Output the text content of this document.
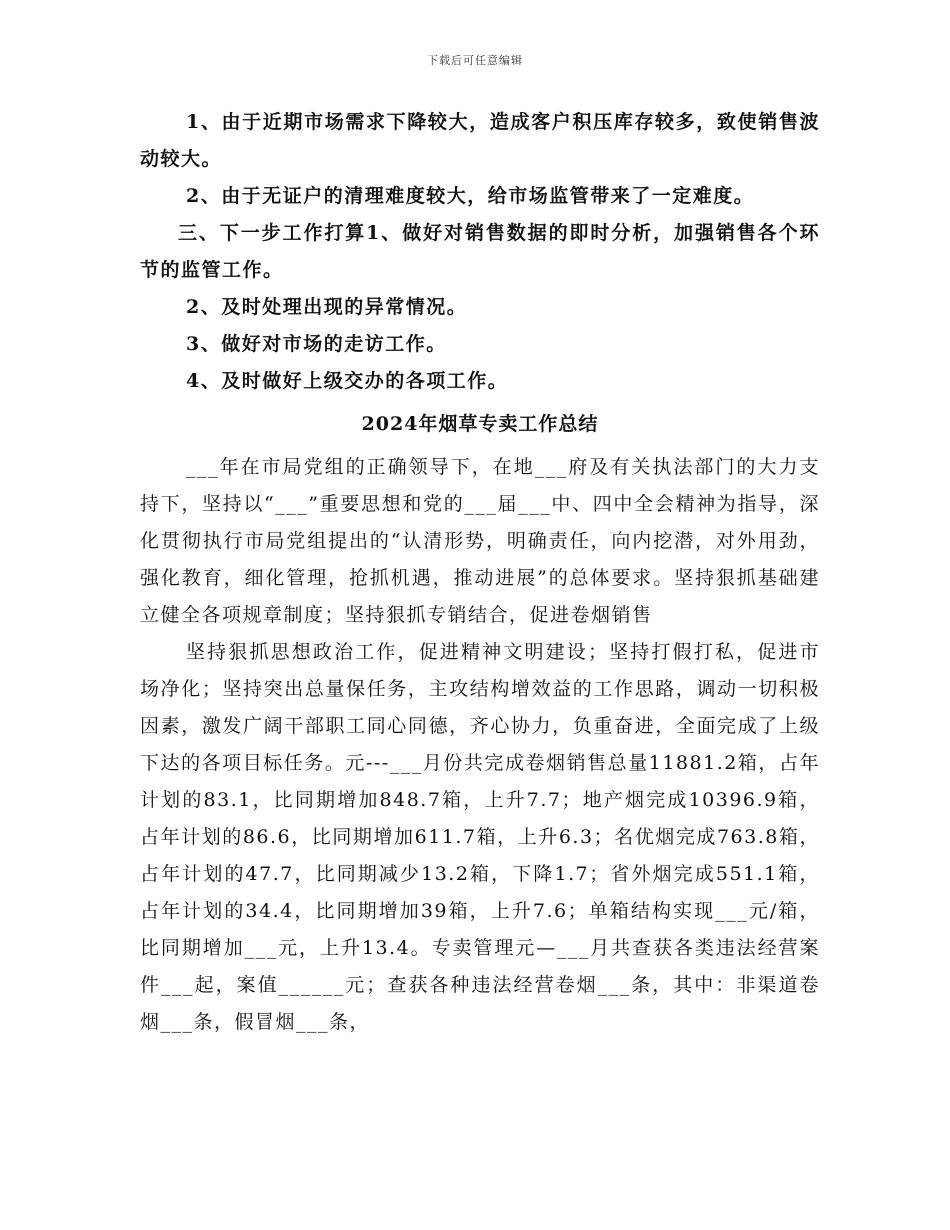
下载后可任意编辑

1、由于近期市场需求下降较大，造成客户积压库存较多，致使销售波动较大。

2、由于无证户的清理难度较大，给市场监管带来了一定难度。

三、下一步工作打算1、做好对销售数据的即时分析，加强销售各个环节的监管工作。

2、及时处理出现的异常情况。

3、做好对市场的走访工作。

4、及时做好上级交办的各项工作。

2024年烟草专卖工作总结

___年在市局党组的正确领导下，在地___府及有关执法部门的大力支持下，坚持以“___”重要思想和党的___届___中、四中全会精神为指导，深化贯彻执行市局党组提出的“认清形势，明确责任，向内挖潜，对外用劲，强化教育，细化管理，抢抓机遇，推动进展”的总体要求。坚持狠抓基础建立健全各项规章制度；坚持狠抓专销结合，促进卷烟销售

坚持狠抓思想政治工作，促进精神文明建设；坚持打假打私，促进市场净化；坚持突出总量保任务，主攻结构增效益的工作思路，调动一切积极因素，激发广阔干部职工同心同德，齐心协力，负重奋进，全面完成了上级下达的各项目标任务。元---___月份共完成卷烟销售总量11881.2箱，占年计划的83.1，比同期增加848.7箱，上升7.7；地产烟完成10396.9箱，占年计划的86.6，比同期增加611.7箱，上升6.3；名优烟完成763.8箱，占年计划的47.7，比同期减少13.2箱，下降1.7；省外烟完成551.1箱，占年计划的34.4，比同期增加39箱，上升7.6；单箱结构实现___元/箱，比同期增加___元，上升13.4。专卖管理元—___月共查获各类违法经营案件___起，案值______元；查获各种违法经营卷烟___条，其中：非渠道卷烟___条，假冒烟___条，
